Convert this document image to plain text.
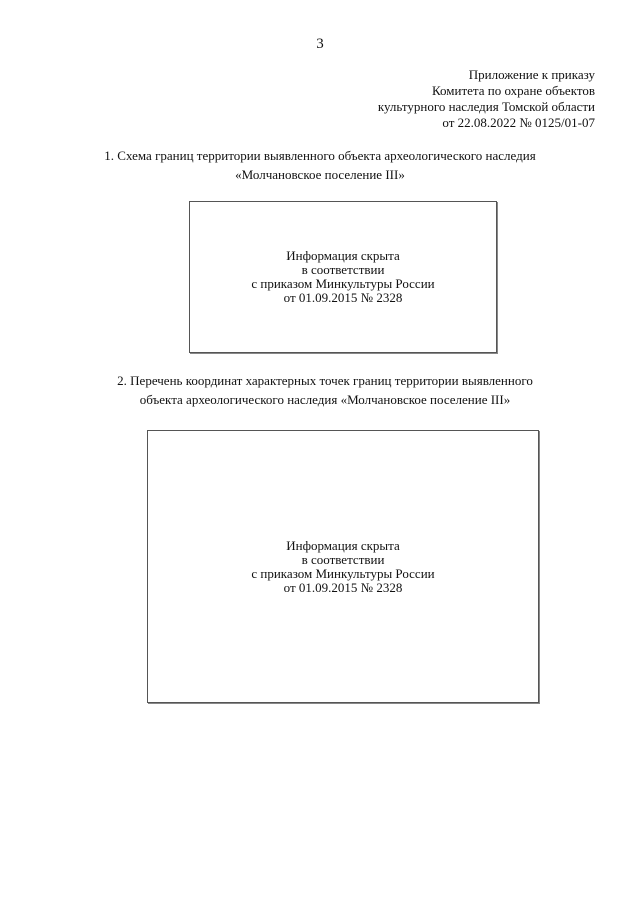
3
Приложение к приказу
Комитета по охране объектов
культурного наследия Томской области
от 22.08.2022 № 0125/01-07
1. Схема границ территории выявленного объекта археологического наследия
«Молчановское поселение III»
Информация скрыта
в соответствии
с приказом Минкультуры России
от 01.09.2015 № 2328
2. Перечень координат характерных точек границ территории выявленного
объекта археологического наследия «Молчановское поселение III»
Информация скрыта
в соответствии
с приказом Минкультуры России
от 01.09.2015 № 2328
